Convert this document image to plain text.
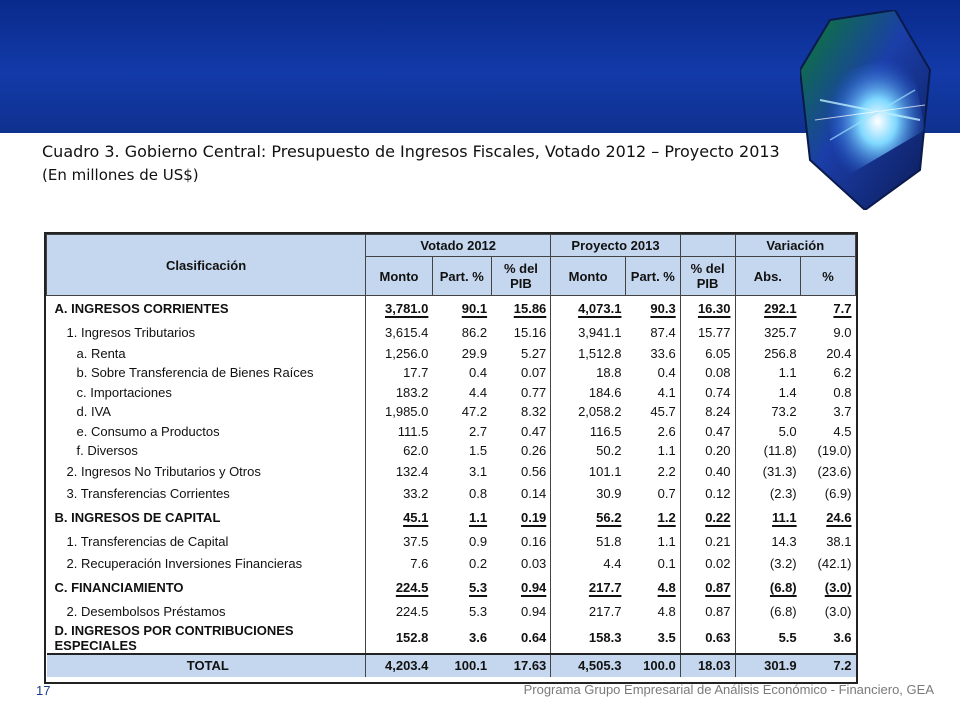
Cuadro 3. Gobierno Central: Presupuesto de Ingresos Fiscales, Votado 2012 – Proyecto 2013
(En millones de US$)
Clasificación	Votado 2012			Proyecto 2013			Variación	
	Monto	Part. %	% del PIB	Monto	Part. %	% del PIB	Abs.	%
A. INGRESOS CORRIENTES	3,781.0	90.1	15.86	4,073.1	90.3	16.30	292.1	7.7
1. Ingresos Tributarios	3,615.4	86.2	15.16	3,941.1	87.4	15.77	325.7	9.0
a. Renta	1,256.0	29.9	5.27	1,512.8	33.6	6.05	256.8	20.4
b. Sobre Transferencia de Bienes Raíces	17.7	0.4	0.07	18.8	0.4	0.08	1.1	6.2
c. Importaciones	183.2	4.4	0.77	184.6	4.1	0.74	1.4	0.8
d. IVA	1,985.0	47.2	8.32	2,058.2	45.7	8.24	73.2	3.7
e. Consumo a Productos	111.5	2.7	0.47	116.5	2.6	0.47	5.0	4.5
f. Diversos	62.0	1.5	0.26	50.2	1.1	0.20	(11.8)	(19.0)
2. Ingresos No Tributarios y Otros	132.4	3.1	0.56	101.1	2.2	0.40	(31.3)	(23.6)
3. Transferencias Corrientes	33.2	0.8	0.14	30.9	0.7	0.12	(2.3)	(6.9)
B. INGRESOS DE CAPITAL	45.1	1.1	0.19	56.2	1.2	0.22	11.1	24.6
1. Transferencias de Capital	37.5	0.9	0.16	51.8	1.1	0.21	14.3	38.1
2. Recuperación Inversiones Financieras	7.6	0.2	0.03	4.4	0.1	0.02	(3.2)	(42.1)
C. FINANCIAMIENTO	224.5	5.3	0.94	217.7	4.8	0.87	(6.8)	(3.0)
2. Desembolsos Préstamos	224.5	5.3	0.94	217.7	4.8	0.87	(6.8)	(3.0)
D. INGRESOS POR CONTRIBUCIONES ESPECIALES	152.8	3.6	0.64	158.3	3.5	0.63	5.5	3.6
TOTAL	4,203.4	100.1	17.63	4,505.3	100.0	18.03	301.9	7.2
17	Programa Grupo Empresarial de Análisis Económico - Financiero, GEA
